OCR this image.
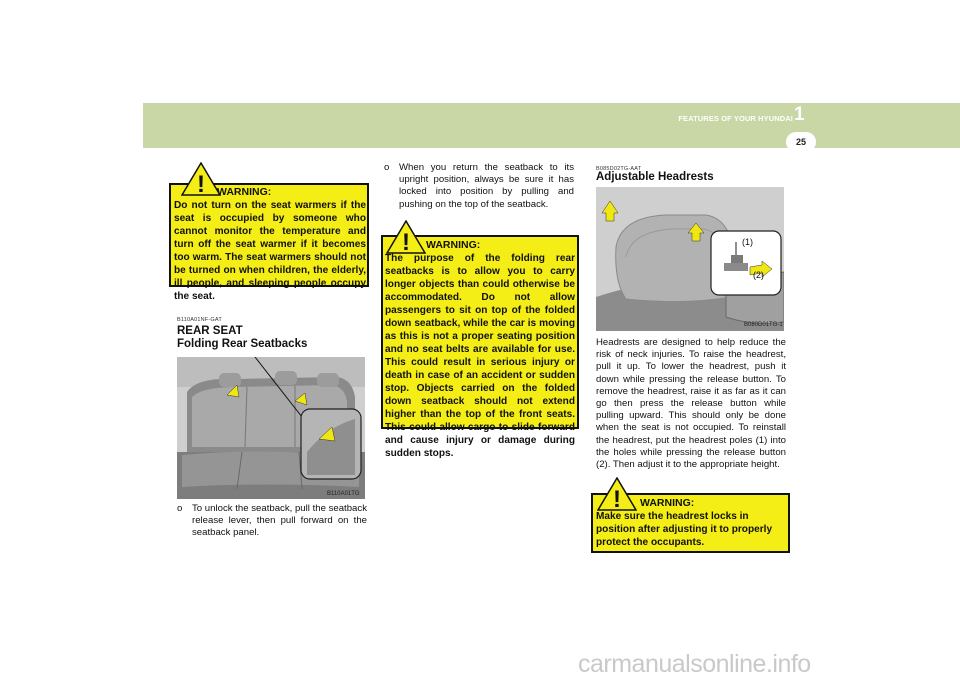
FEATURES OF YOUR HYUNDAI 1
25
! WARNING:
Do not turn on the seat warmers if the seat is occupied by someone who cannot monitor the temperature and turn off the seat warmer if it becomes too warm. The seat warmers should not be turned on when children, the elderly, ill people, and sleeping people occupy the seat.
B110A01NF-GAT
REAR SEAT
Folding Rear Seatbacks
B110A01TG
o	To unlock the seatback, pull the seatback release lever, then pull forward on the seatback panel.
o	When you return the seatback to its upright position, always be sure it has locked into position by pulling and pushing on the top of the seatback.
! WARNING:
The purpose of the folding rear seatbacks is to allow you to carry longer objects than could otherwise be accommodated. Do not allow passengers to sit on top of the folded down seatback, while the car is moving as this is not a proper seating position and no seat belts are available for use. This could result in serious injury or death in case of an accident or sudden stop. Objects carried on the folded down seatback should not extend higher than the top of the front seats. This could allow cargo to slide forward and cause injury or damage during sudden stops.
B085D02TG-AAT
Adjustable Headrests
(1)
(2)
B080D01TG-1
Headrests are designed to help reduce the risk of neck injuries. To raise the headrest, pull it up. To lower the headrest, push it down while pressing the release button. To remove the headrest, raise it as far as it can go then press the release button while pulling upward. This should only be done when the seat is not occupied. To reinstall the headrest, put the headrest poles (1) into the holes while pressing the release button (2). Then adjust it to the appropriate height.
! WARNING:
Make sure the headrest locks in position after adjusting it to properly protect the occupants.
carmanualsonline.info
